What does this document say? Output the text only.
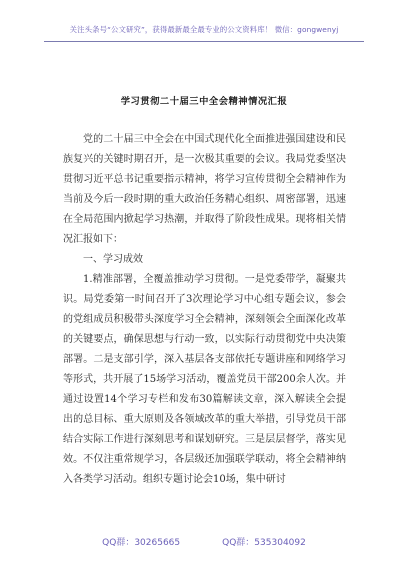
关注头条号“公文研究”，获得最新最全最专业的公文资料库！ 微信：gongwenyj
学习贯彻二十届三中全会精神情况汇报

党的二十届三中全会在中国式现代化全面推进强国建设和民族复兴的关键时期召开，是一次极其重要的会议。我局党委坚决贯彻习近平总书记重要指示精神，将学习宣传贯彻全会精神作为当前及今后一段时期的重大政治任务精心组织、周密部署，迅速在全局范围内掀起学习热潮，并取得了阶段性成果。现将相关情况汇报如下：

一、学习成效

1.精准部署，全覆盖推动学习贯彻。一是党委带学，凝聚共识。局党委第一时间召开了3次理论学习中心组专题会议，参会的党组成员积极带头深度学习全会精神，深刻领会全面深化改革的关键要点，确保思想与行动一致，以实际行动贯彻党中央决策部署。二是支部引学，深入基层各支部依托专题讲座和网络学习等形式，共开展了15场学习活动，覆盖党员干部200余人次。并通过设置14个学习专栏和发布30篇解读文章，深入解读全会提出的总目标、重大原则及各领域改革的重大举措，引导党员干部结合实际工作进行深刻思考和谋划研究。三是层层督学，落实见效。不仅注重常规学习，各层级还加强联学联动，将全会精神纳入各类学习活动。组织专题讨论会10场，集中研讨

QQ群：30265665	QQ群：535304092
